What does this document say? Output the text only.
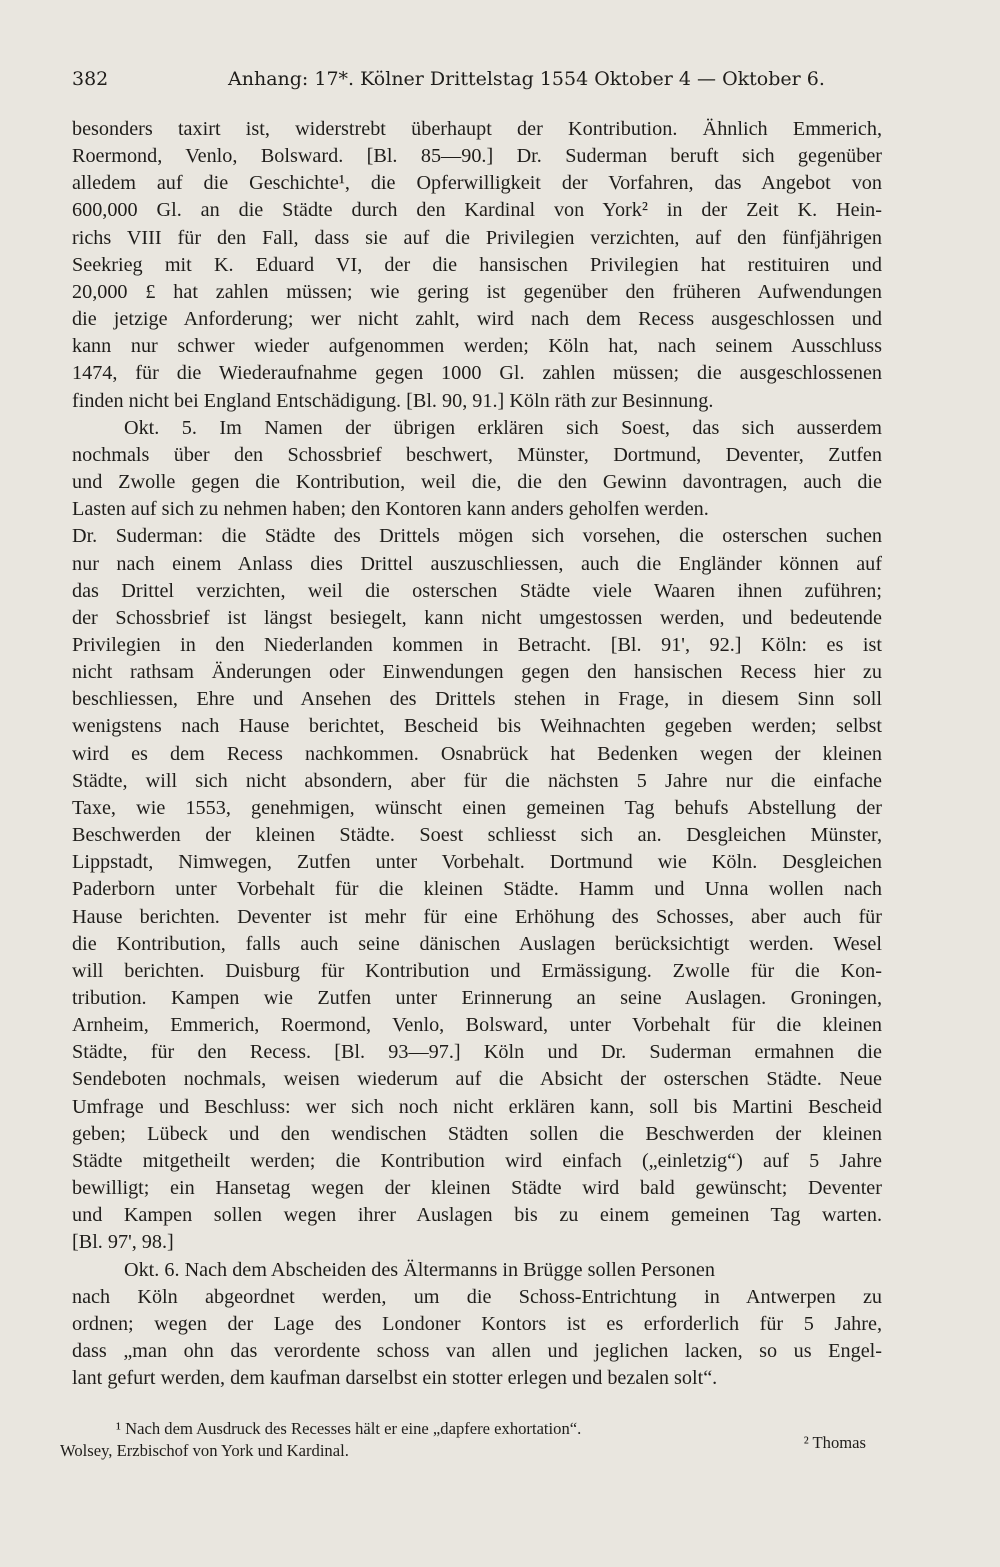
382	Anhang: 17*. Kölner Drittelstag 1554 Oktober 4 — Oktober 6.
besonders taxirt ist, widerstrebt überhaupt der Kontribution. Ähnlich Emmerich,
Roermond, Venlo, Bolsward. [Bl. 85—90.] Dr. Suderman beruft sich gegenüber
alledem auf die Geschichte¹, die Opferwilligkeit der Vorfahren, das Angebot von
600,000 Gl. an die Städte durch den Kardinal von York² in der Zeit K. Hein-
richs VIII für den Fall, dass sie auf die Privilegien verzichten, auf den fünfjährigen
Seekrieg mit K. Eduard VI, der die hansischen Privilegien hat restituiren und
20,000 £ hat zahlen müssen; wie gering ist gegenüber den früheren Aufwendungen
die jetzige Anforderung; wer nicht zahlt, wird nach dem Recess ausgeschlossen und
kann nur schwer wieder aufgenommen werden; Köln hat, nach seinem Ausschluss
1474, für die Wiederaufnahme gegen 1000 Gl. zahlen müssen; die ausgeschlossenen
finden nicht bei England Entschädigung. [Bl. 90, 91.] Köln räth zur Besinnung.
Okt. 5. Im Namen der übrigen erklären sich Soest, das sich ausserdem
nochmals über den Schossbrief beschwert, Münster, Dortmund, Deventer, Zutfen
und Zwolle gegen die Kontribution, weil die, die den Gewinn davontragen, auch die
Lasten auf sich zu nehmen haben; den Kontoren kann anders geholfen werden.
Dr. Suderman: die Städte des Drittels mögen sich vorsehen, die osterschen suchen
nur nach einem Anlass dies Drittel auszuschliessen, auch die Engländer können auf
das Drittel verzichten, weil die osterschen Städte viele Waaren ihnen zuführen;
der Schossbrief ist längst besiegelt, kann nicht umgestossen werden, und bedeutende
Privilegien in den Niederlanden kommen in Betracht. [Bl. 91', 92.] Köln: es ist
nicht rathsam Änderungen oder Einwendungen gegen den hansischen Recess hier zu
beschliessen, Ehre und Ansehen des Drittels stehen in Frage, in diesem Sinn soll
wenigstens nach Hause berichtet, Bescheid bis Weihnachten gegeben werden; selbst
wird es dem Recess nachkommen. Osnabrück hat Bedenken wegen der kleinen
Städte, will sich nicht absondern, aber für die nächsten 5 Jahre nur die einfache
Taxe, wie 1553, genehmigen, wünscht einen gemeinen Tag behufs Abstellung der
Beschwerden der kleinen Städte. Soest schliesst sich an. Desgleichen Münster,
Lippstadt, Nimwegen, Zutfen unter Vorbehalt. Dortmund wie Köln. Desgleichen
Paderborn unter Vorbehalt für die kleinen Städte. Hamm und Unna wollen nach
Hause berichten. Deventer ist mehr für eine Erhöhung des Schosses, aber auch für
die Kontribution, falls auch seine dänischen Auslagen berücksichtigt werden. Wesel
will berichten. Duisburg für Kontribution und Ermässigung. Zwolle für die Kon-
tribution. Kampen wie Zutfen unter Erinnerung an seine Auslagen. Groningen,
Arnheim, Emmerich, Roermond, Venlo, Bolsward, unter Vorbehalt für die kleinen
Städte, für den Recess. [Bl. 93—97.] Köln und Dr. Suderman ermahnen die
Sendeboten nochmals, weisen wiederum auf die Absicht der osterschen Städte. Neue
Umfrage und Beschluss: wer sich noch nicht erklären kann, soll bis Martini Bescheid
geben; Lübeck und den wendischen Städten sollen die Beschwerden der kleinen
Städte mitgetheilt werden; die Kontribution wird einfach („einletzig“) auf 5 Jahre
bewilligt; ein Hansetag wegen der kleinen Städte wird bald gewünscht; Deventer
und Kampen sollen wegen ihrer Auslagen bis zu einem gemeinen Tag warten.
[Bl. 97', 98.]
Okt. 6. Nach dem Abscheiden des Ältermanns in Brügge sollen Personen
nach Köln abgeordnet werden, um die Schoss-Entrichtung in Antwerpen zu
ordnen; wegen der Lage des Londoner Kontors ist es erforderlich für 5 Jahre,
dass „man ohn das verordente schoss van allen und jeglichen lacken, so us Engel-
lant gefurt werden, dem kaufman darselbst ein stotter erlegen und bezalen solt“.
¹ Nach dem Ausdruck des Recesses hält er eine „dapfere exhortation“.
Wolsey, Erzbischof von York und Kardinal.	² Thomas
